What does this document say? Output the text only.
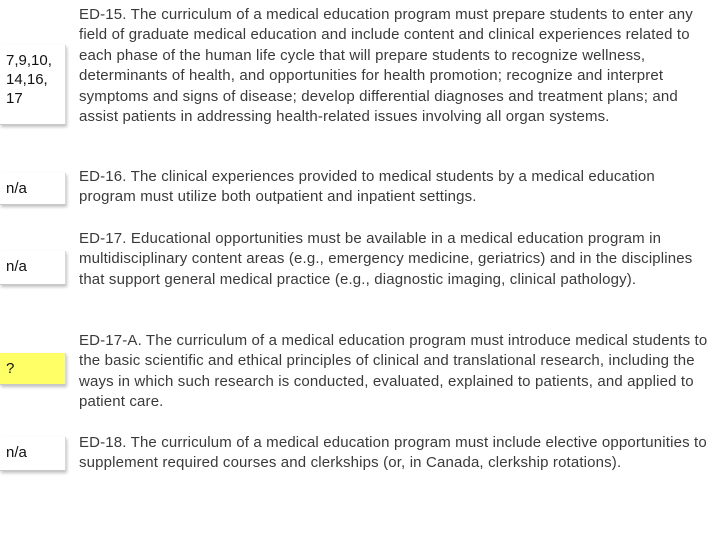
7,9,10,
14,16,
17
ED-15. The curriculum of a medical education program must prepare students to enter any field of graduate medical education and include content and clinical experiences related to each phase of the human life cycle that will prepare students to recognize wellness, determinants of health, and opportunities for health promotion; recognize and interpret symptoms and signs of disease; develop differential diagnoses and treatment plans; and assist patients in addressing health-related issues involving all organ systems.
n/a
ED-16. The clinical experiences provided to medical students by a medical education program must utilize both outpatient and inpatient settings.
n/a
ED-17. Educational opportunities must be available in a medical education program in multidisciplinary content areas (e.g., emergency medicine, geriatrics) and in the disciplines that support general medical practice (e.g., diagnostic imaging, clinical pathology).
?
ED-17-A. The curriculum of a medical education program must introduce medical students to the basic scientific and ethical principles of clinical and translational research, including the ways in which such research is conducted, evaluated, explained to patients, and applied to patient care.
n/a
ED-18. The curriculum of a medical education program must include elective opportunities to supplement required courses and clerkships (or, in Canada, clerkship rotations).
